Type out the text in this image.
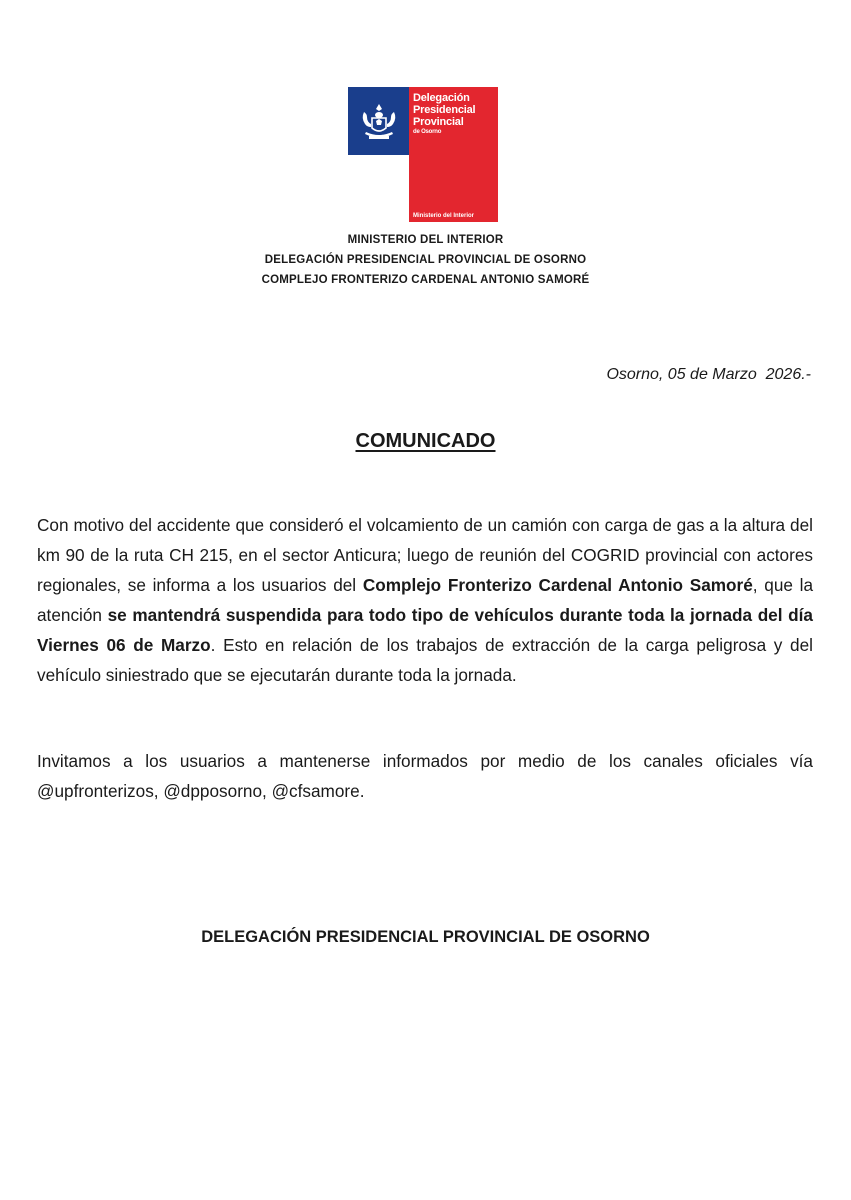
Delegación
Presidencial
Provincial
de Osorno
Ministerio del Interior
MINISTERIO DEL INTERIOR
DELEGACIÓN PRESIDENCIAL PROVINCIAL DE OSORNO
COMPLEJO FRONTERIZO CARDENAL ANTONIO SAMORÉ
Osorno, 05 de Marzo  2026.-
COMUNICADO
Con motivo del accidente que consideró el volcamiento de un camión con carga de gas a la altura del km 90 de la ruta CH 215, en el sector Anticura; luego de reunión del COGRID provincial con actores regionales, se informa a los usuarios del Complejo Fronterizo Cardenal Antonio Samoré, que la atención se mantendrá suspendida para todo tipo de vehículos durante toda la jornada del día Viernes 06 de Marzo. Esto en relación de los trabajos de extracción de la carga peligrosa y del vehículo siniestrado que se ejecutarán durante toda la jornada.
Invitamos a los usuarios a mantenerse informados por medio de los canales oficiales vía @upfronterizos, @dpposorno, @cfsamore.
DELEGACIÓN PRESIDENCIAL PROVINCIAL DE OSORNO
